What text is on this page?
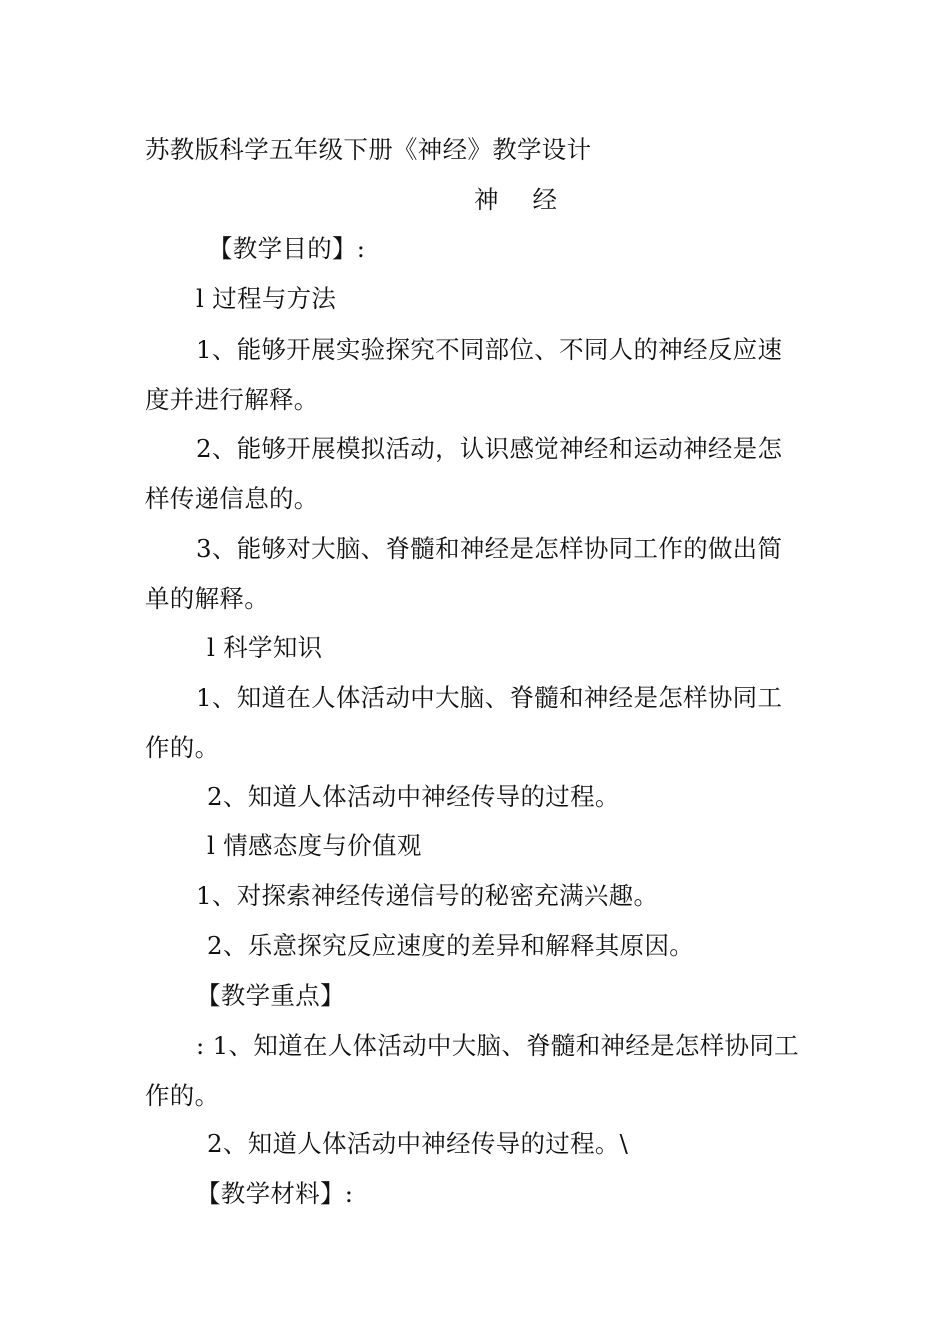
苏教版科学五年级下册《神经》教学设计
神 经
【教学目的】:
l 过程与方法
1、能够开展实验探究不同部位、不同人的神经反应速度并进行解释。
2、能够开展模拟活动，认识感觉神经和运动神经是怎样传递信息的。
3、能够对大脑、脊髓和神经是怎样协同工作的做出简单的解释。
l 科学知识
1、知道在人体活动中大脑、脊髓和神经是怎样协同工作的。
2、知道人体活动中神经传导的过程。
l 情感态度与价值观
1、对探索神经传递信号的秘密充满兴趣。
2、乐意探究反应速度的差异和解释其原因。
【教学重点】
: 1、知道在人体活动中大脑、脊髓和神经是怎样协同工作的。
2、知道人体活动中神经传导的过程。\
【教学材料】:
